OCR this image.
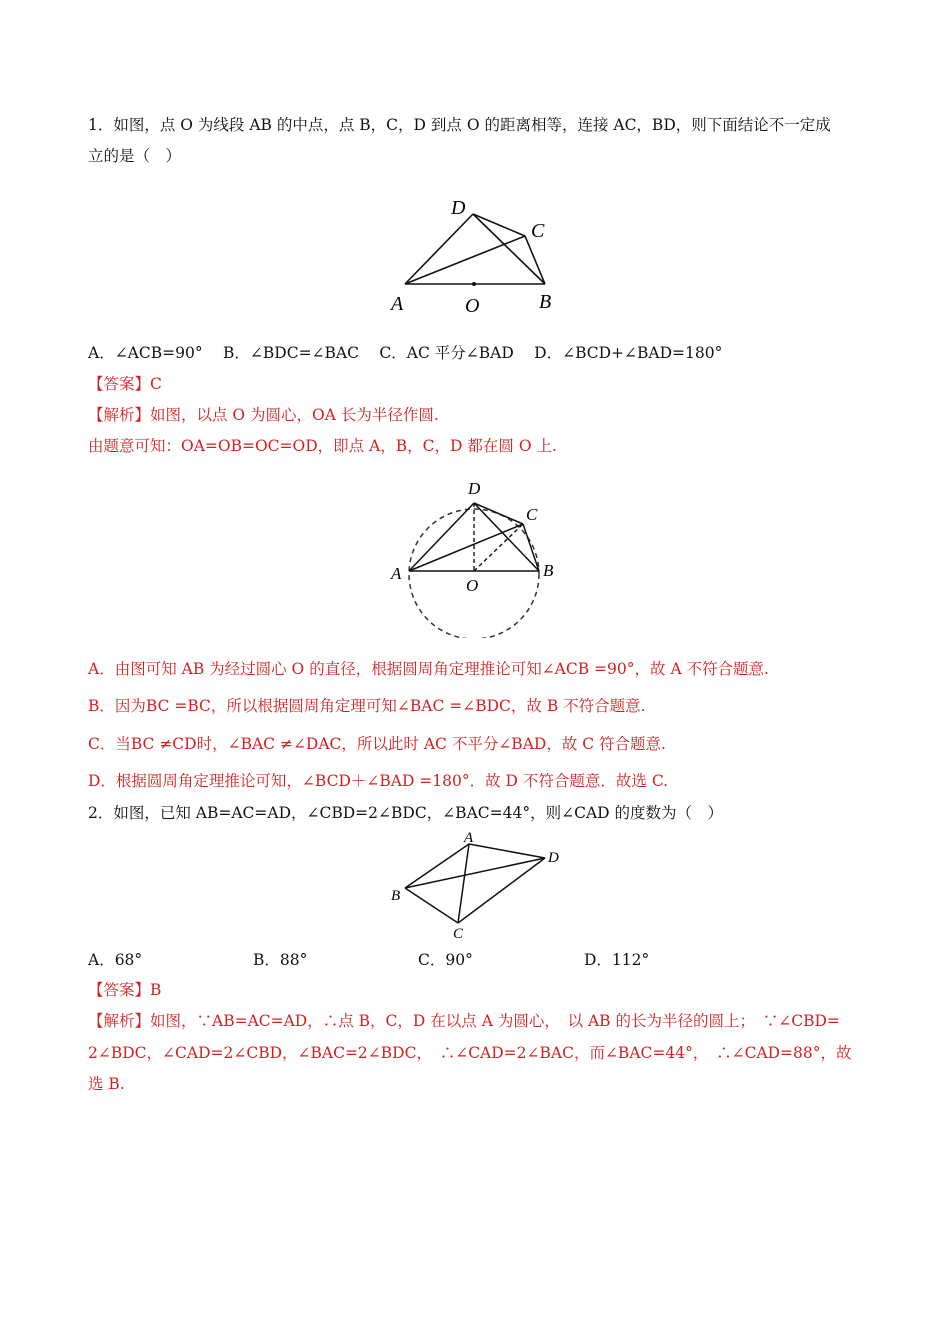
1．如图，点 O 为线段 AB 的中点，点 B，C，D 到点 O 的距离相等，连接 AC，BD，则下面结论不一定成
立的是（　）
D
C
A	O	B
A．∠ACB=90°　 B．∠BDC=∠BAC　 C．AC 平分∠BAD　 D．∠BCD+∠BAD=180°
【答案】C
【解析】如图，以点 O 为圆心，OA 长为半径作圆.
由题意可知：OA=OB=OC=OD，即点 A，B，C，D 都在圆 O 上.
D
C
A
O
B
A．由图可知 AB 为经过圆心 O 的直径，根据圆周角定理推论可知∠ACB =90°，故 A 不符合题意.
B．因为BC =BC，所以根据圆周角定理可知∠BAC =∠BDC，故 B 不符合题意.
C．当BC ≠CD时，∠BAC ≠∠DAC，所以此时 AC 不平分∠BAD，故 C 符合题意.
D．根据圆周角定理推论可知，∠BCD＋∠BAD =180°．故 D 不符合题意．故选 C.
2．如图，已知 AB=AC=AD，∠CBD=2∠BDC，∠BAC=44°，则∠CAD 的度数为（　）
A
D
B
C
A．68°	B．88°	C．90°	D．112°
【答案】B
【解析】如图，∵AB=AC=AD，∴点 B，C，D 在以点 A 为圆心，　以 AB 的长为半径的圆上；　∵∠CBD=
2∠BDC，∠CAD=2∠CBD，∠BAC=2∠BDC，　∴∠CAD=2∠BAC，而∠BAC=44°，　∴∠CAD=88°，故
选 B.
